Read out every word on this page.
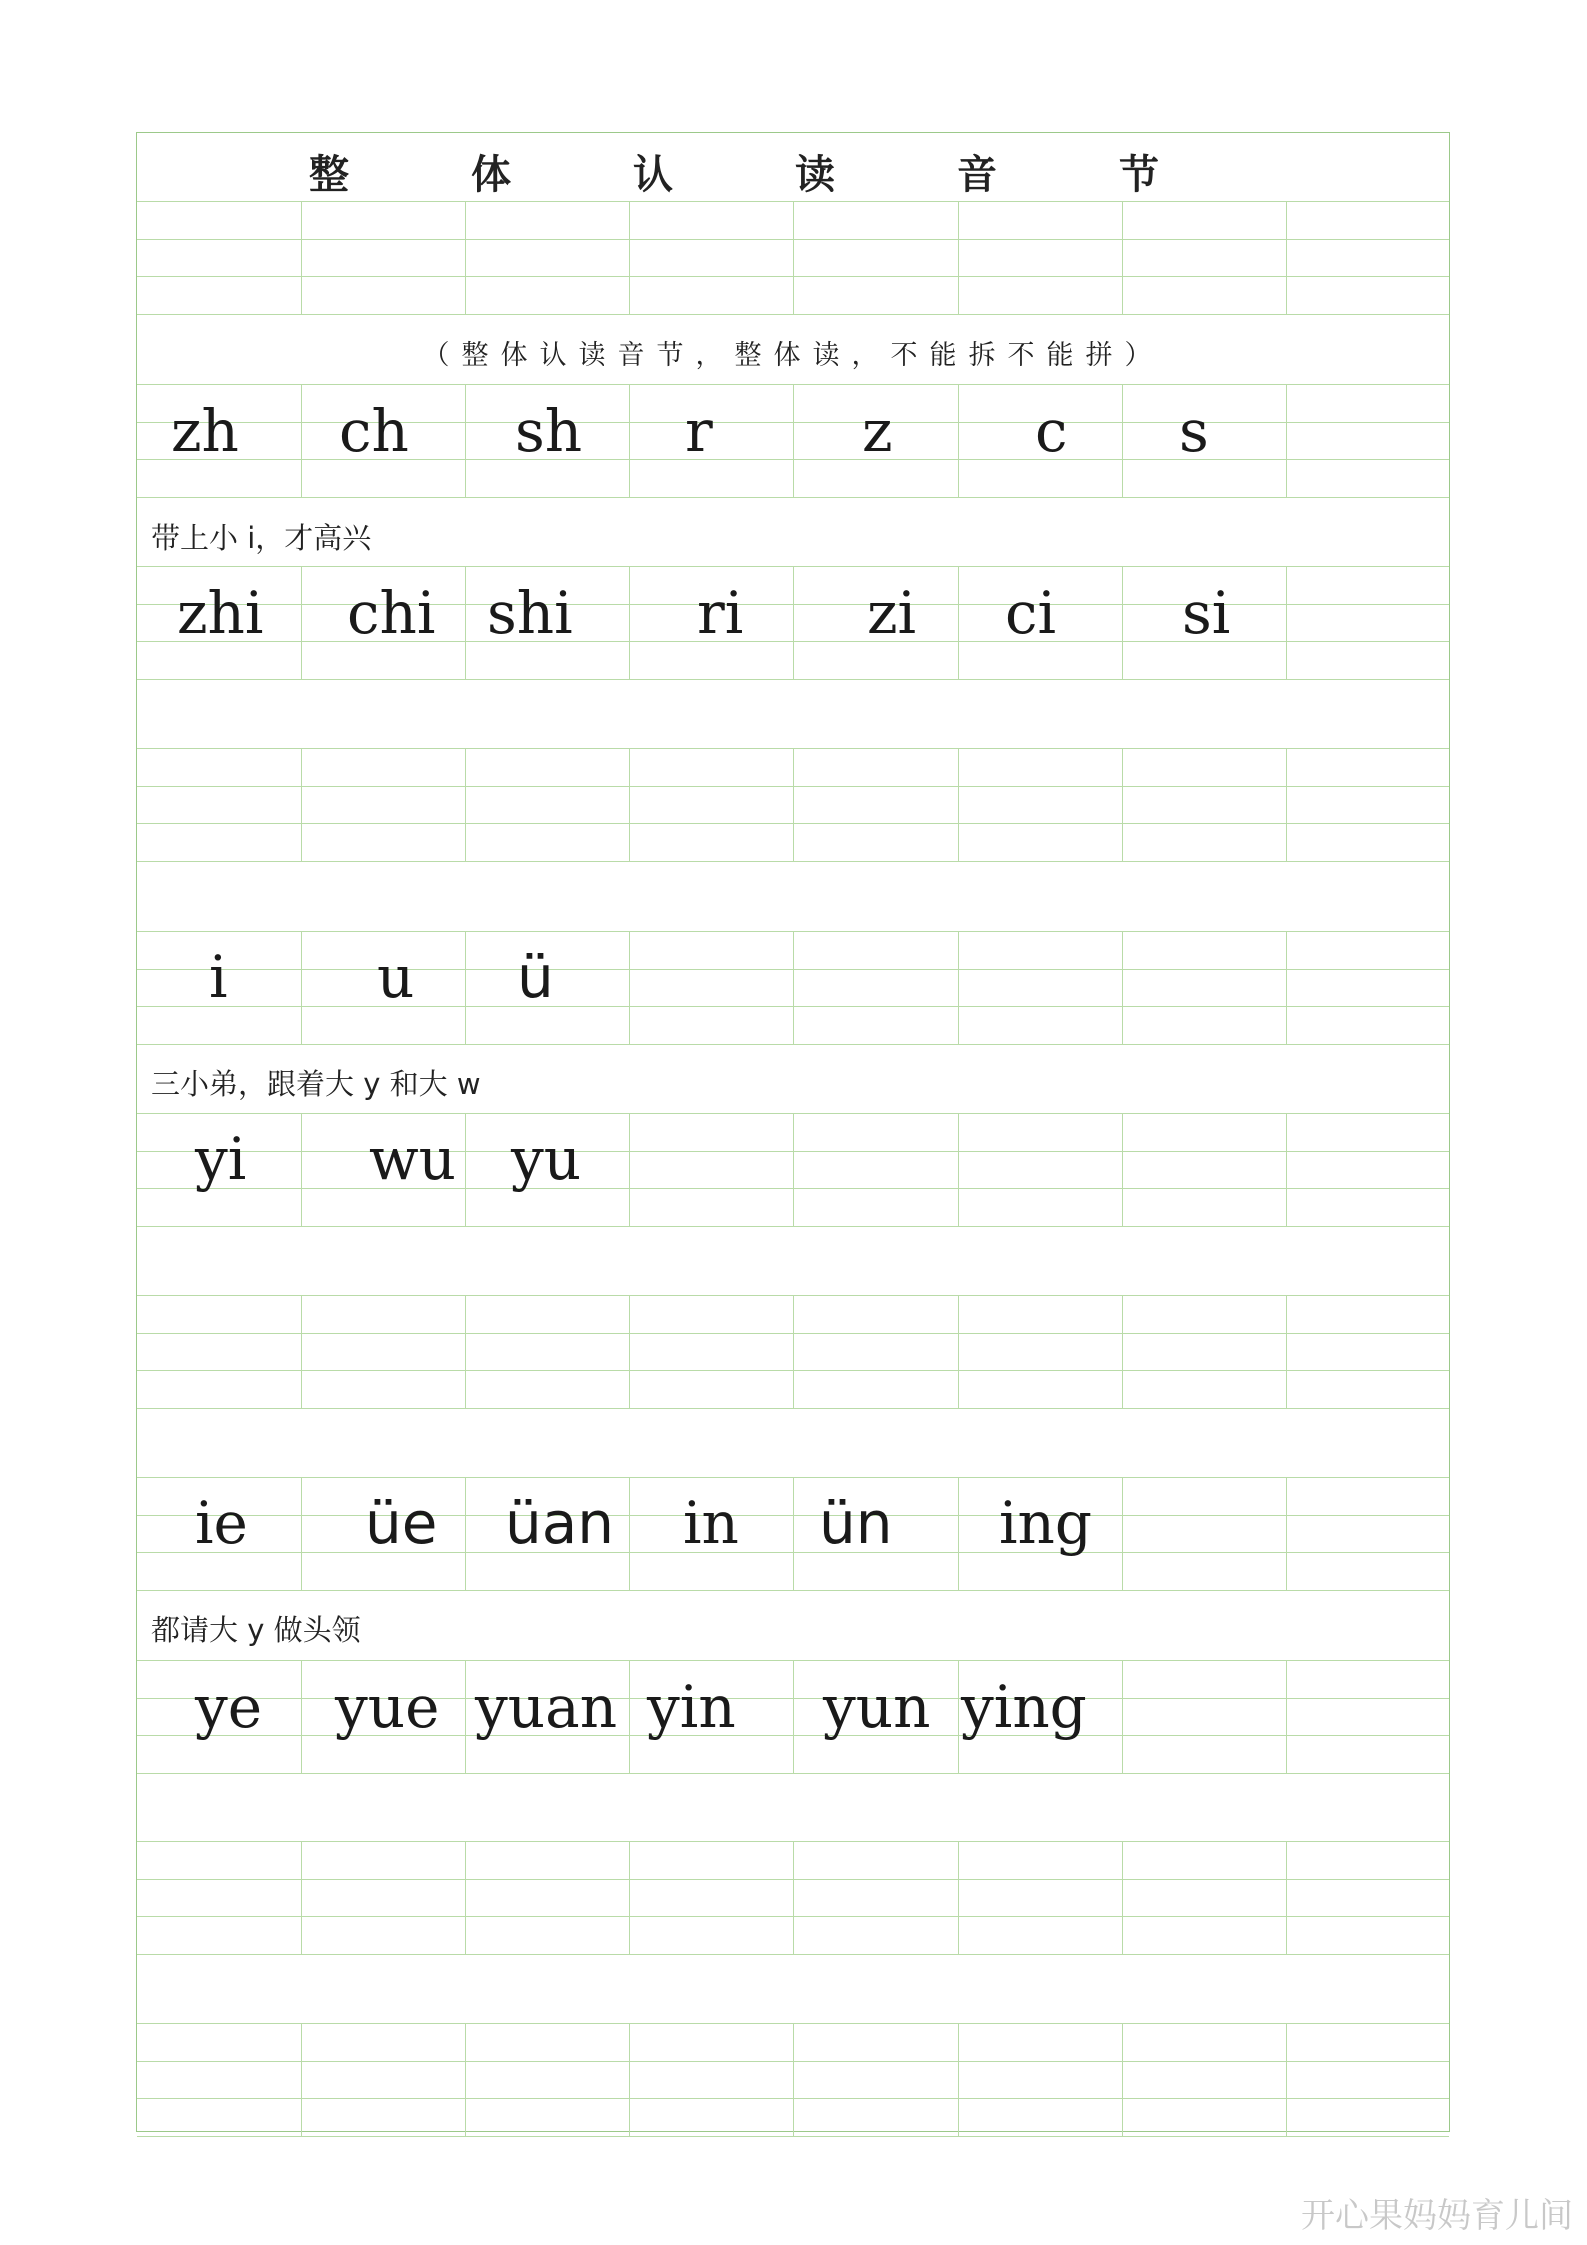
整	体	认	读	音	节
（整体认读音节，整体读，不能拆不能拼）
zh ch sh r	z c s
带上小 i，才高兴
zhi chi shi ri zi ci si
i	u ü
三小弟，跟着大 y 和大 w
yi wu yu
ie üe üan in ün ing
都请大 y 做头领
ye yue yuan yin yun ying
开心果妈妈育儿间
